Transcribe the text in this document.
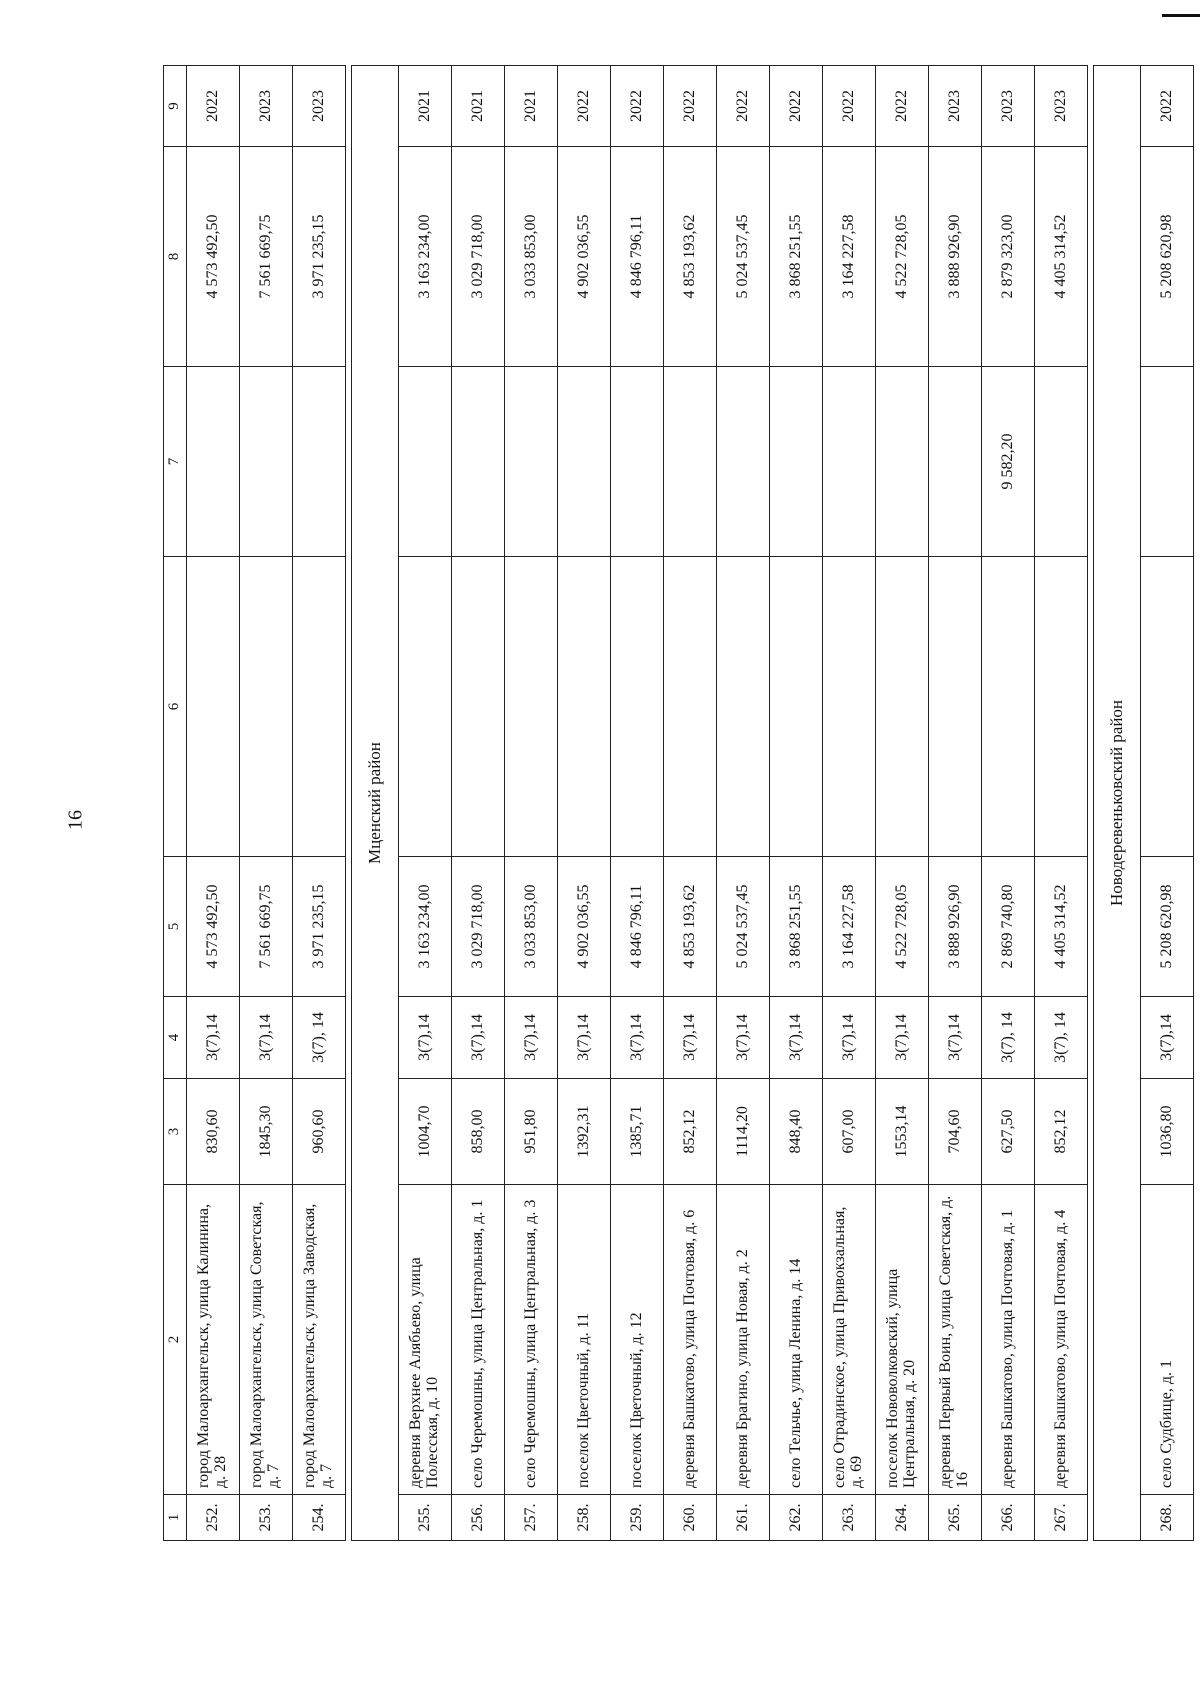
16
1	2	3	4	5	6	7	8	9
252.	город Малоархангельск, улица Калинина, д. 28	830,60	3(7),14	4 573 492,50			4 573 492,50	2022
253.	город Малоархангельск, улица Советская, д. 7	1845,30	3(7),14	7 561 669,75			7 561 669,75	2023
254.	город Малоархангельск, улица Заводская, д. 7	960,60	3(7), 14	3 971 235,15			3 971 235,15	2023

Мценский район								
255.	деревня Верхнее Алябьево, улица Полесская, д. 10	1004,70	3(7),14	3 163 234,00			3 163 234,00	2021
256.	село Черемошны, улица Центральная, д. 1	858,00	3(7),14	3 029 718,00			3 029 718,00	2021
257.	село Черемошны, улица Центральная, д. 3	951,80	3(7),14	3 033 853,00			3 033 853,00	2021
258.	поселок Цветочный, д. 11	1392,31	3(7),14	4 902 036,55			4 902 036,55	2022
259.	поселок Цветочный, д. 12	1385,71	3(7),14	4 846 796,11			4 846 796,11	2022
260.	деревня Башкатово, улица Почтовая, д. 6	852,12	3(7),14	4 853 193,62			4 853 193,62	2022
261.	деревня Брагино, улица Новая, д. 2	1114,20	3(7),14	5 024 537,45			5 024 537,45	2022
262.	село Тельчье, улица Ленина, д. 14	848,40	3(7),14	3 868 251,55			3 868 251,55	2022
263.	село Отрадинское, улица Привокзальная, д. 69	607,00	3(7),14	3 164 227,58			3 164 227,58	2022
264.	поселок Нововолковский, улица Центральная, д. 20	1553,14	3(7),14	4 522 728,05			4 522 728,05	2022
265.	деревня Первый Воин, улица Советская, д. 16	704,60	3(7),14	3 888 926,90			3 888 926,90	2023
266.	деревня Башкатово, улица Почтовая, д. 1	627,50	3(7), 14	2 869 740,80		9 582,20	2 879 323,00	2023
267.	деревня Башкатово, улица Почтовая, д. 4	852,12	3(7), 14	4 405 314,52			4 405 314,52	2023

Новодеревеньковский район								
268.	село Судбище, д. 1	1036,80	3(7),14	5 208 620,98			5 208 620,98	2022
